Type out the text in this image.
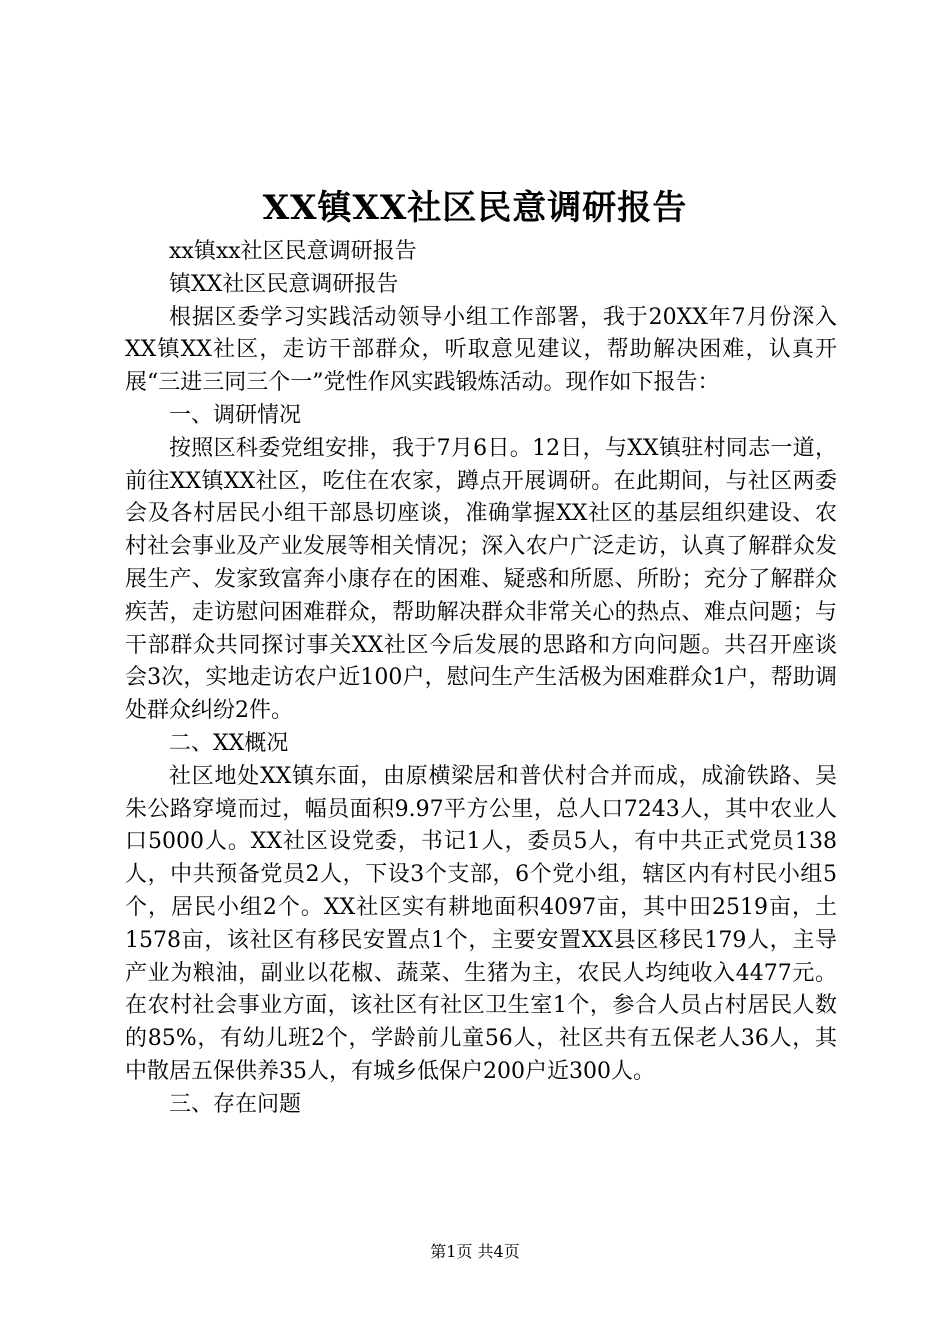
XX镇XX社区民意调研报告

xx镇xx社区民意调研报告

镇XX社区民意调研报告

根据区委学习实践活动领导小组工作部署，我于20XX年7月份深入XX镇XX社区，走访干部群众，听取意见建议，帮助解决困难，认真开展“三进三同三个一”党性作风实践锻炼活动。现作如下报告：

一、调研情况

按照区科委党组安排，我于7月6日。12日，与XX镇驻村同志一道，前往XX镇XX社区，吃住在农家，蹲点开展调研。在此期间，与社区两委会及各村居民小组干部恳切座谈，准确掌握XX社区的基层组织建设、农村社会事业及产业发展等相关情况；深入农户广泛走访，认真了解群众发展生产、发家致富奔小康存在的困难、疑惑和所愿、所盼；充分了解群众疾苦，走访慰问困难群众，帮助解决群众非常关心的热点、难点问题；与干部群众共同探讨事关XX社区今后发展的思路和方向问题。共召开座谈会3次，实地走访农户近100户，慰问生产生活极为困难群众1户，帮助调处群众纠纷2件。

二、XX概况

社区地处XX镇东面，由原横梁居和普伏村合并而成，成渝铁路、吴朱公路穿境而过，幅员面积9.97平方公里，总人口7243人，其中农业人口5000人。XX社区设党委，书记1人，委员5人，有中共正式党员138人，中共预备党员2人，下设3个支部，6个党小组，辖区内有村民小组5个，居民小组2个。XX社区实有耕地面积4097亩，其中田2519亩，土1578亩，该社区有移民安置点1个，主要安置XX县区移民179人，主导产业为粮油，副业以花椒、蔬菜、生猪为主，农民人均纯收入4477元。在农村社会事业方面，该社区有社区卫生室1个，参合人员占村居民人数的85%，有幼儿班2个，学龄前儿童56人，社区共有五保老人36人，其中散居五保供养35人，有城乡低保户200户近300人。

三、存在问题

第1页 共4页
